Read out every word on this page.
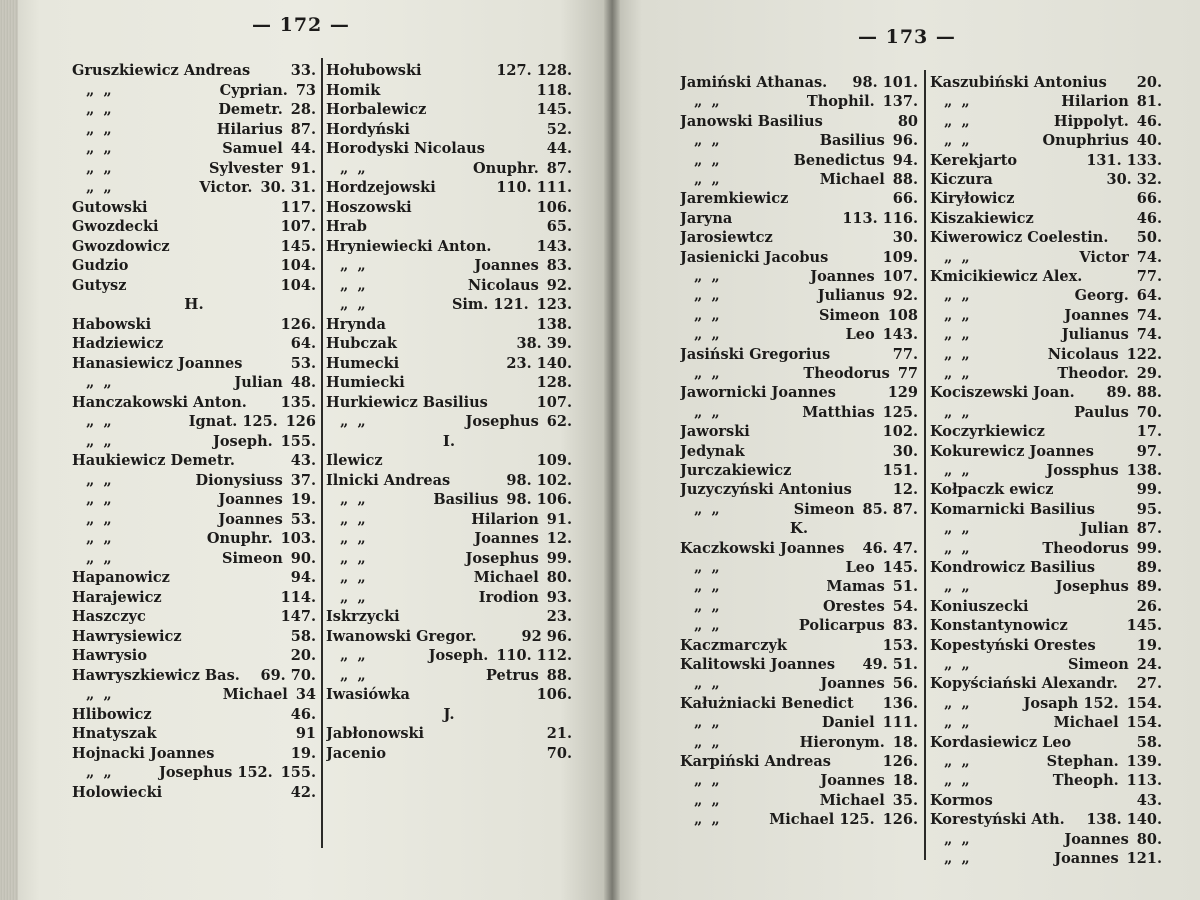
— 172 —
Gruszkiewicz Andreas	33.
„ „	Cyprian. 73
„ „	Demetr. 28.
„ „	Hilarius 87.
„ „	Samuel 44.
„ „	Sylvester 91.
„ „	Victor. 30. 31.
Gutowski	117.
Gwozdecki	107.
Gwozdowicz	145.
Gudzio	104.
Gutysz	104.
H.
Habowski	126.
Hadziewicz	64.
Hanasiewicz Joannes	53.
„ „	Julian 48.
Hanczakowski Anton.	135.
„ „	Ignat. 125. 126
„ „	Joseph. 155.
Haukiewicz Demetr.	43.
„ „	Dionysiuss 37.
„ „	Joannes 19.
„ „	Joannes 53.
„ „	Onuphr. 103.
„ „	Simeon 90.
Hapanowicz	94.
Harajewicz	114.
Haszczyc	147.
Hawrysiewicz	58.
Hawrysio	20.
Hawryszkiewicz Bas.	69. 70.
„ „	Michael 34
Hlibowicz	46.
Hnatyszak	91
Hojnacki Joannes	19.
„ „	Josephus 152. 155.
Holowiecki	42.
Hołubowski	127. 128.
Homik	118.
Horbalewicz	145.
Hordyński	52.
Horodyski Nicolaus	44.
„ „	Onuphr. 87.
Hordzejowski	110. 111.
Hoszowski	106.
Hrab	65.
Hryniewiecki Anton.	143.
„ „	Joannes 83.
„ „	Nicolaus 92.
„ „	Sim. 121. 123.
Hrynda	138.
Hubczak	38. 39.
Humecki	23. 140.
Humiecki	128.
Hurkiewicz Basilius	107.
„ „	Josephus 62.
I.
Ilewicz	109.
Ilnicki Andreas	98. 102.
„ „	Basilius 98. 106.
„ „	Hilarion 91.
„ „	Joannes 12.
„ „	Josephus 99.
„ „	Michael 80.
„ „	Irodion 93.
Iskrzycki	23.
Iwanowski Gregor.	92 96.
„ „	Joseph. 110. 112.
„ „	Petrus 88.
Iwasiówka	106.
J.
Jabłonowski	21.
Jacenio	70.
— 173 —
Jamiński Athanas.	98. 101.
„ „	Thophil. 137.
Janowski Basilius	80
„ „	Basilius 96.
„ „	Benedictus 94.
„ „	Michael 88.
Jaremkiewicz	66.
Jaryna	113. 116.
Jarosiewtcz	30.
Jasienicki Jacobus	109.
„ „	Joannes 107.
„ „	Julianus 92.
„ „	Simeon 108
„ „	Leo 143.
Jasiński Gregorius	77.
„ „	Theodorus 77
Jawornicki Joannes	129
„ „	Matthias 125.
Jaworski	102.
Jedynak	30.
Jurczakiewicz	151.
Juzyczyński Antonius	12.
„ „	Simeon 85. 87.
K.
Kaczkowski Joannes	46. 47.
„ „	Leo 145.
„ „	Mamas 51.
„ „	Orestes 54.
„ „	Policarpus 83.
Kaczmarczyk	153.
Kalitowski Joannes	49. 51.
„ „	Joannes 56.
Kałużniacki Benedict	136.
„ „	Daniel 111.
„ „	Hieronym. 18.
Karpiński Andreas	126.
„ „	Joannes 18.
„ „	Michael 35.
„ „	Michael 125. 126.
Kaszubiński Antonius	20.
„ „	Hilarion 81.
„ „	Hippolyt. 46.
„ „	Onuphrius 40.
Kerekjarto	131. 133.
Kiczura	30. 32.
Kiryłowicz	66.
Kiszakiewicz	46.
Kiwerowicz Coelestin.	50.
„ „	Victor 74.
Kmicikiewicz Alex.	77.
„ „	Georg. 64.
„ „	Joannes 74.
„ „	Julianus 74.
„ „	Nicolaus 122.
„ „	Theodor. 29.
Kociszewski Joan.	89. 88.
„ „	Paulus 70.
Koczyrkiewicz	17.
Kokurewicz Joannes	97.
„ „	Jossphus 138.
Kołpaczk ewicz	99.
Komarnicki Basilius	95.
„ „	Julian 87.
„ „	Theodorus 99.
Kondrowicz Basilius	89.
„ „	Josephus 89.
Koniuszecki	26.
Konstantynowicz	145.
Kopestyński Orestes	19.
„ „	Simeon 24.
Kopyściański Alexandr.	27.
„ „	Josaph 152. 154.
„ „	Michael 154.
Kordasiewicz Leo	58.
„ „	Stephan. 139.
„ „	Theoph. 113.
Kormos	43.
Korestyński Ath.	138. 140.
„ „	Joannes 80.
„ „	Joannes 121.
